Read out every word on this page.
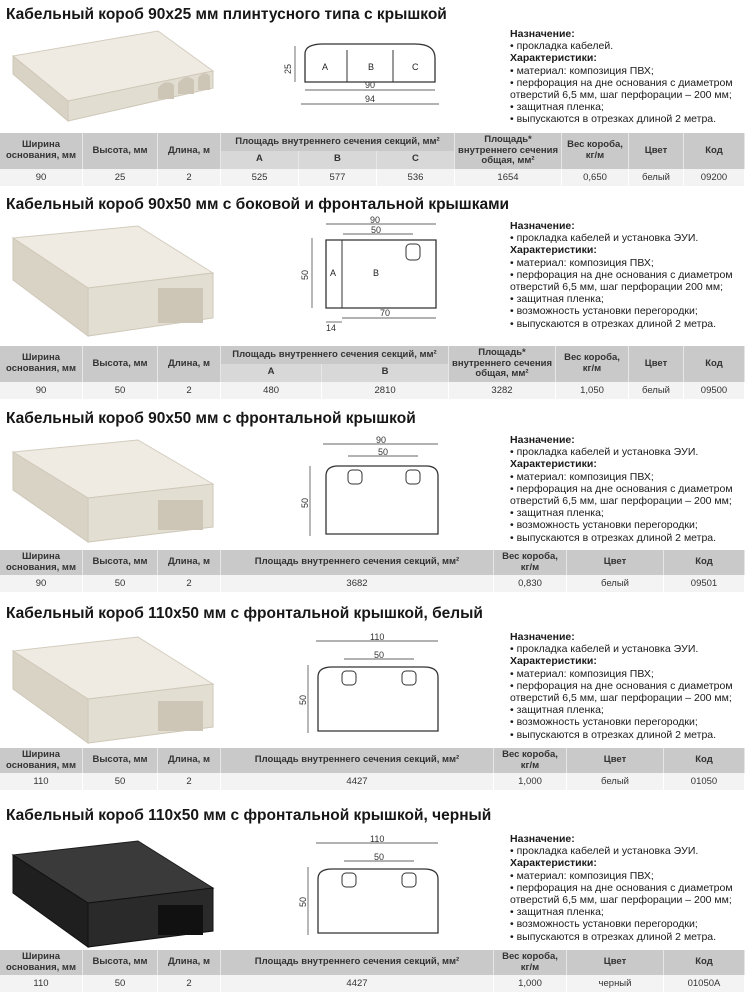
Кабельный короб 90х25 мм плинтусного типа с крышкой
25	A	B	C
90
94
Назначение:
• прокладка кабелей.
Характеристики:
• материал: композиция ПВХ;
• перфорация на дне основания с диаметром
отверстий 6,5 мм, шаг перфорации – 200 мм;
• защитная пленка;
• выпускаются в отрезках длиной 2 метра.
Ширина основания, мм	Высота, мм	Длина, м	Площадь внутреннего сечения секций, мм²			Площадь* внутреннего сечения общая, мм²	Вес короба, кг/м	Цвет	Код
			A	B	C				
90	25	2	525	577	536	1654	0,650	белый	09200
Кабельный короб 90х50 мм с боковой и фронтальной крышками
90
50
50 A	B
14
70
Назначение:
• прокладка кабелей и установка ЭУИ.
Характеристики:
• материал: композиция ПВХ;
• перфорация на дне основания с диаметром
отверстий 6,5 мм, шаг перфорации 200 мм;
• защитная пленка;
• возможность установки перегородки;
• выпускаются в отрезках длиной 2 метра.
Ширина основания, мм	Высота, мм	Длина, м	Площадь внутреннего сечения секций, мм²		Площадь* внутреннего сечения общая, мм²	Вес короба, кг/м	Цвет	Код
			A	B				
90	50	2	480	2810	3282	1,050	белый	09500
Кабельный короб 90х50 мм с фронтальной крышкой
90
50
50
Назначение:
• прокладка кабелей и установка ЭУИ.
Характеристики:
• материал: композиция ПВХ;
• перфорация на дне основания с диаметром
отверстий 6,5 мм, шаг перфорации – 200 мм;
• защитная пленка;
• возможность установки перегородки;
• выпускаются в отрезках длиной 2 метра.
Ширина основания, мм	Высота, мм	Длина, м	Площадь внутреннего сечения секций, мм²	Вес короба, кг/м	Цвет	Код
90	50	2	3682	0,830	белый	09501
Кабельный короб 110х50 мм с фронтальной крышкой, белый
110
50
50
Назначение:
• прокладка кабелей и установка ЭУИ.
Характеристики:
• материал: композиция ПВХ;
• перфорация на дне основания с диаметром
отверстий 6,5 мм, шаг перфорации – 200 мм;
• защитная пленка;
• возможность установки перегородки;
• выпускаются в отрезках длиной 2 метра.
Ширина основания, мм	Высота, мм	Длина, м	Площадь внутреннего сечения секций, мм²	Вес короба, кг/м	Цвет	Код
110	50	2	4427	1,000	белый	01050
Кабельный короб 110х50 мм с фронтальной крышкой, черный
110
50
50
Назначение:
• прокладка кабелей и установка ЭУИ.
Характеристики:
• материал: композиция ПВХ;
• перфорация на дне основания с диаметром
отверстий 6,5 мм, шаг перфорации – 200 мм;
• защитная пленка;
• возможность установки перегородки;
• выпускаются в отрезках длиной 2 метра.
Ширина основания, мм	Высота, мм	Длина, м	Площадь внутреннего сечения секций, мм²	Вес короба, кг/м	Цвет	Код
110	50	2	4427	1,000	черный	01050A
